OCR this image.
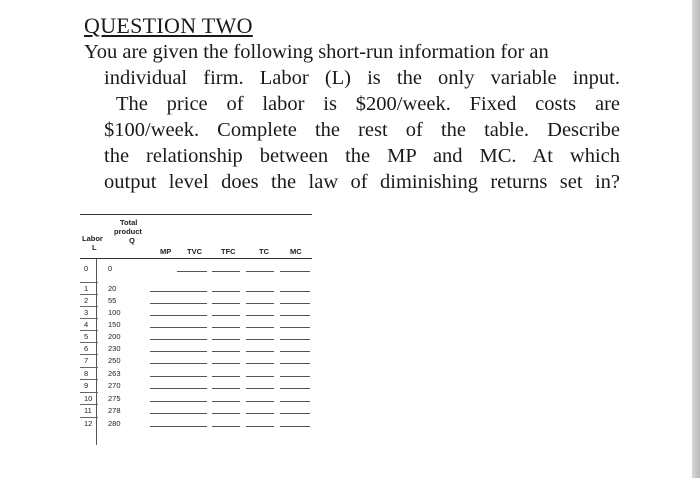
QUESTION TWO
You are given the following short-run information for an
individual firm. Labor (L) is the only variable input.
The price of labor is $200/week. Fixed costs are
$100/week. Complete the rest of the table. Describe
the relationship between the MP and MC. At which
output level does the law of diminishing returns set in?
Total
product
Labor	Q
L	MP TVC	TFC	TC	MC
0	0
1	20
2	55
3	100
4	150
5	200
6	230
7	250
8	263
9	270
10 275
11 278
12 280
